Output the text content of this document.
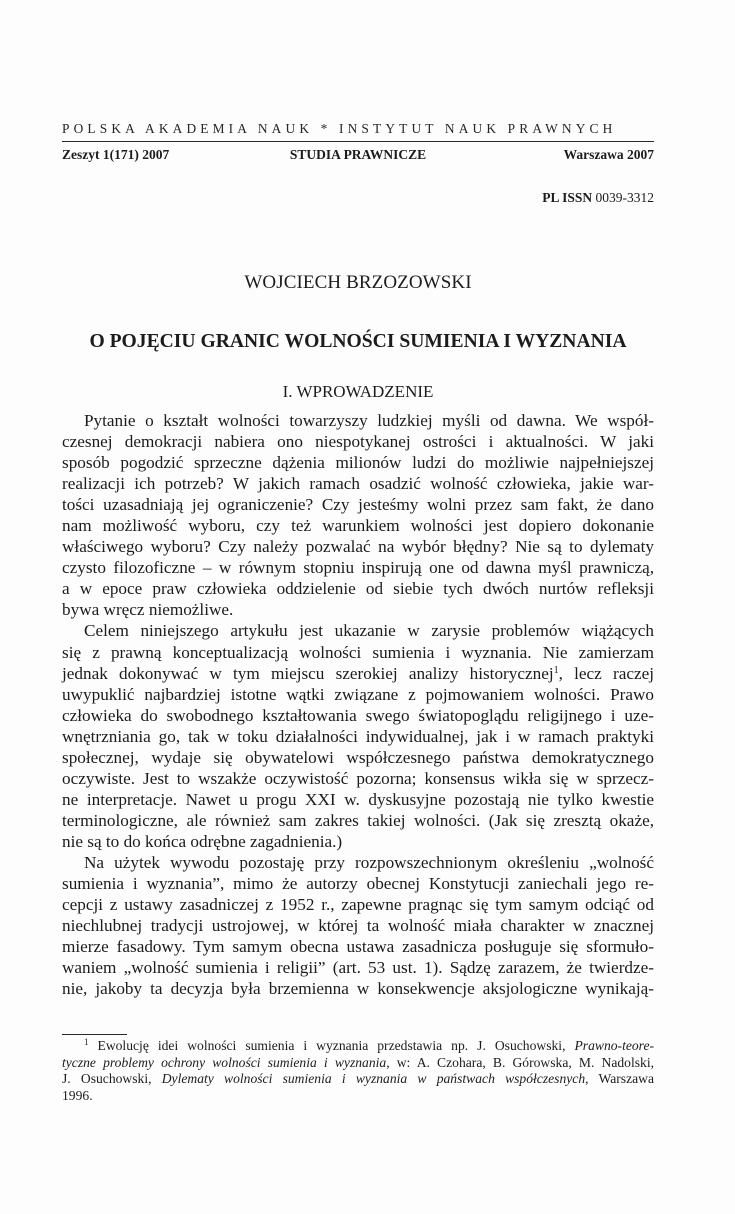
POLSKA AKADEMIA NAUK * INSTYTUT NAUK PRAWNYCH
Zeszyt 1(171) 2007	STUDIA PRAWNICZE	Warszawa 2007
PL ISSN 0039-3312
WOJCIECH BRZOZOWSKI
O POJĘCIU GRANIC WOLNOŚCI SUMIENIA I WYZNANIA
I. WPROWADZENIE
Pytanie o kształt wolności towarzyszy ludzkiej myśli od dawna. We współ-
czesnej demokracji nabiera ono niespotykanej ostrości i aktualności. W jaki
sposób pogodzić sprzeczne dążenia milionów ludzi do możliwie najpełniejszej
realizacji ich potrzeb? W jakich ramach osadzić wolność człowieka, jakie war-
tości uzasadniają jej ograniczenie? Czy jesteśmy wolni przez sam fakt, że dano
nam możliwość wyboru, czy też warunkiem wolności jest dopiero dokonanie
właściwego wyboru? Czy należy pozwalać na wybór błędny? Nie są to dylematy
czysto filozoficzne – w równym stopniu inspirują one od dawna myśl prawniczą,
a w epoce praw człowieka oddzielenie od siebie tych dwóch nurtów refleksji
bywa wręcz niemożliwe.
Celem niniejszego artykułu jest ukazanie w zarysie problemów wiążących
się z prawną konceptualizacją wolności sumienia i wyznania. Nie zamierzam
jednak dokonywać w tym miejscu szerokiej analizy historycznej$^1$, lecz raczej
uwypuklić najbardziej istotne wątki związane z pojmowaniem wolności. Prawo
człowieka do swobodnego kształtowania swego światopoglądu religijnego i uze-
wnętrzniania go, tak w toku działalności indywidualnej, jak i w ramach praktyki
społecznej, wydaje się obywatelowi współczesnego państwa demokratycznego
oczywiste. Jest to wszakże oczywistość pozorna; konsensus wikła się w sprzecz-
ne interpretacje. Nawet u progu XXI w. dyskusyjne pozostają nie tylko kwestie
terminologiczne, ale również sam zakres takiej wolności. (Jak się zresztą okaże,
nie są to do końca odrębne zagadnienia.)
Na użytek wywodu pozostaję przy rozpowszechnionym określeniu „wolność
sumienia i wyznania”, mimo że autorzy obecnej Konstytucji zaniechali jego re-
cepcji z ustawy zasadniczej z 1952 r., zapewne pragnąc się tym samym odciąć od
niechlubnej tradycji ustrojowej, w której ta wolność miała charakter w znacznej
mierze fasadowy. Tym samym obecna ustawa zasadnicza posługuje się sformuło-
waniem „wolność sumienia i religii” (art. 53 ust. 1). Sądzę zarazem, że twierdze-
nie, jakoby ta decyzja była brzemienna w konsekwencje aksjologiczne wynikają-
$^1$ Ewolucję idei wolności sumienia i wyznania przedstawia np. J. Osuchowski, Prawno-teore-
tyczne problemy ochrony wolności sumienia i wyznania, w: A. Czohara, B. Górowska, M. Nadolski,
J. Osuchowski, Dylematy wolności sumienia i wyznania w państwach współczesnych, Warszawa
1996.
